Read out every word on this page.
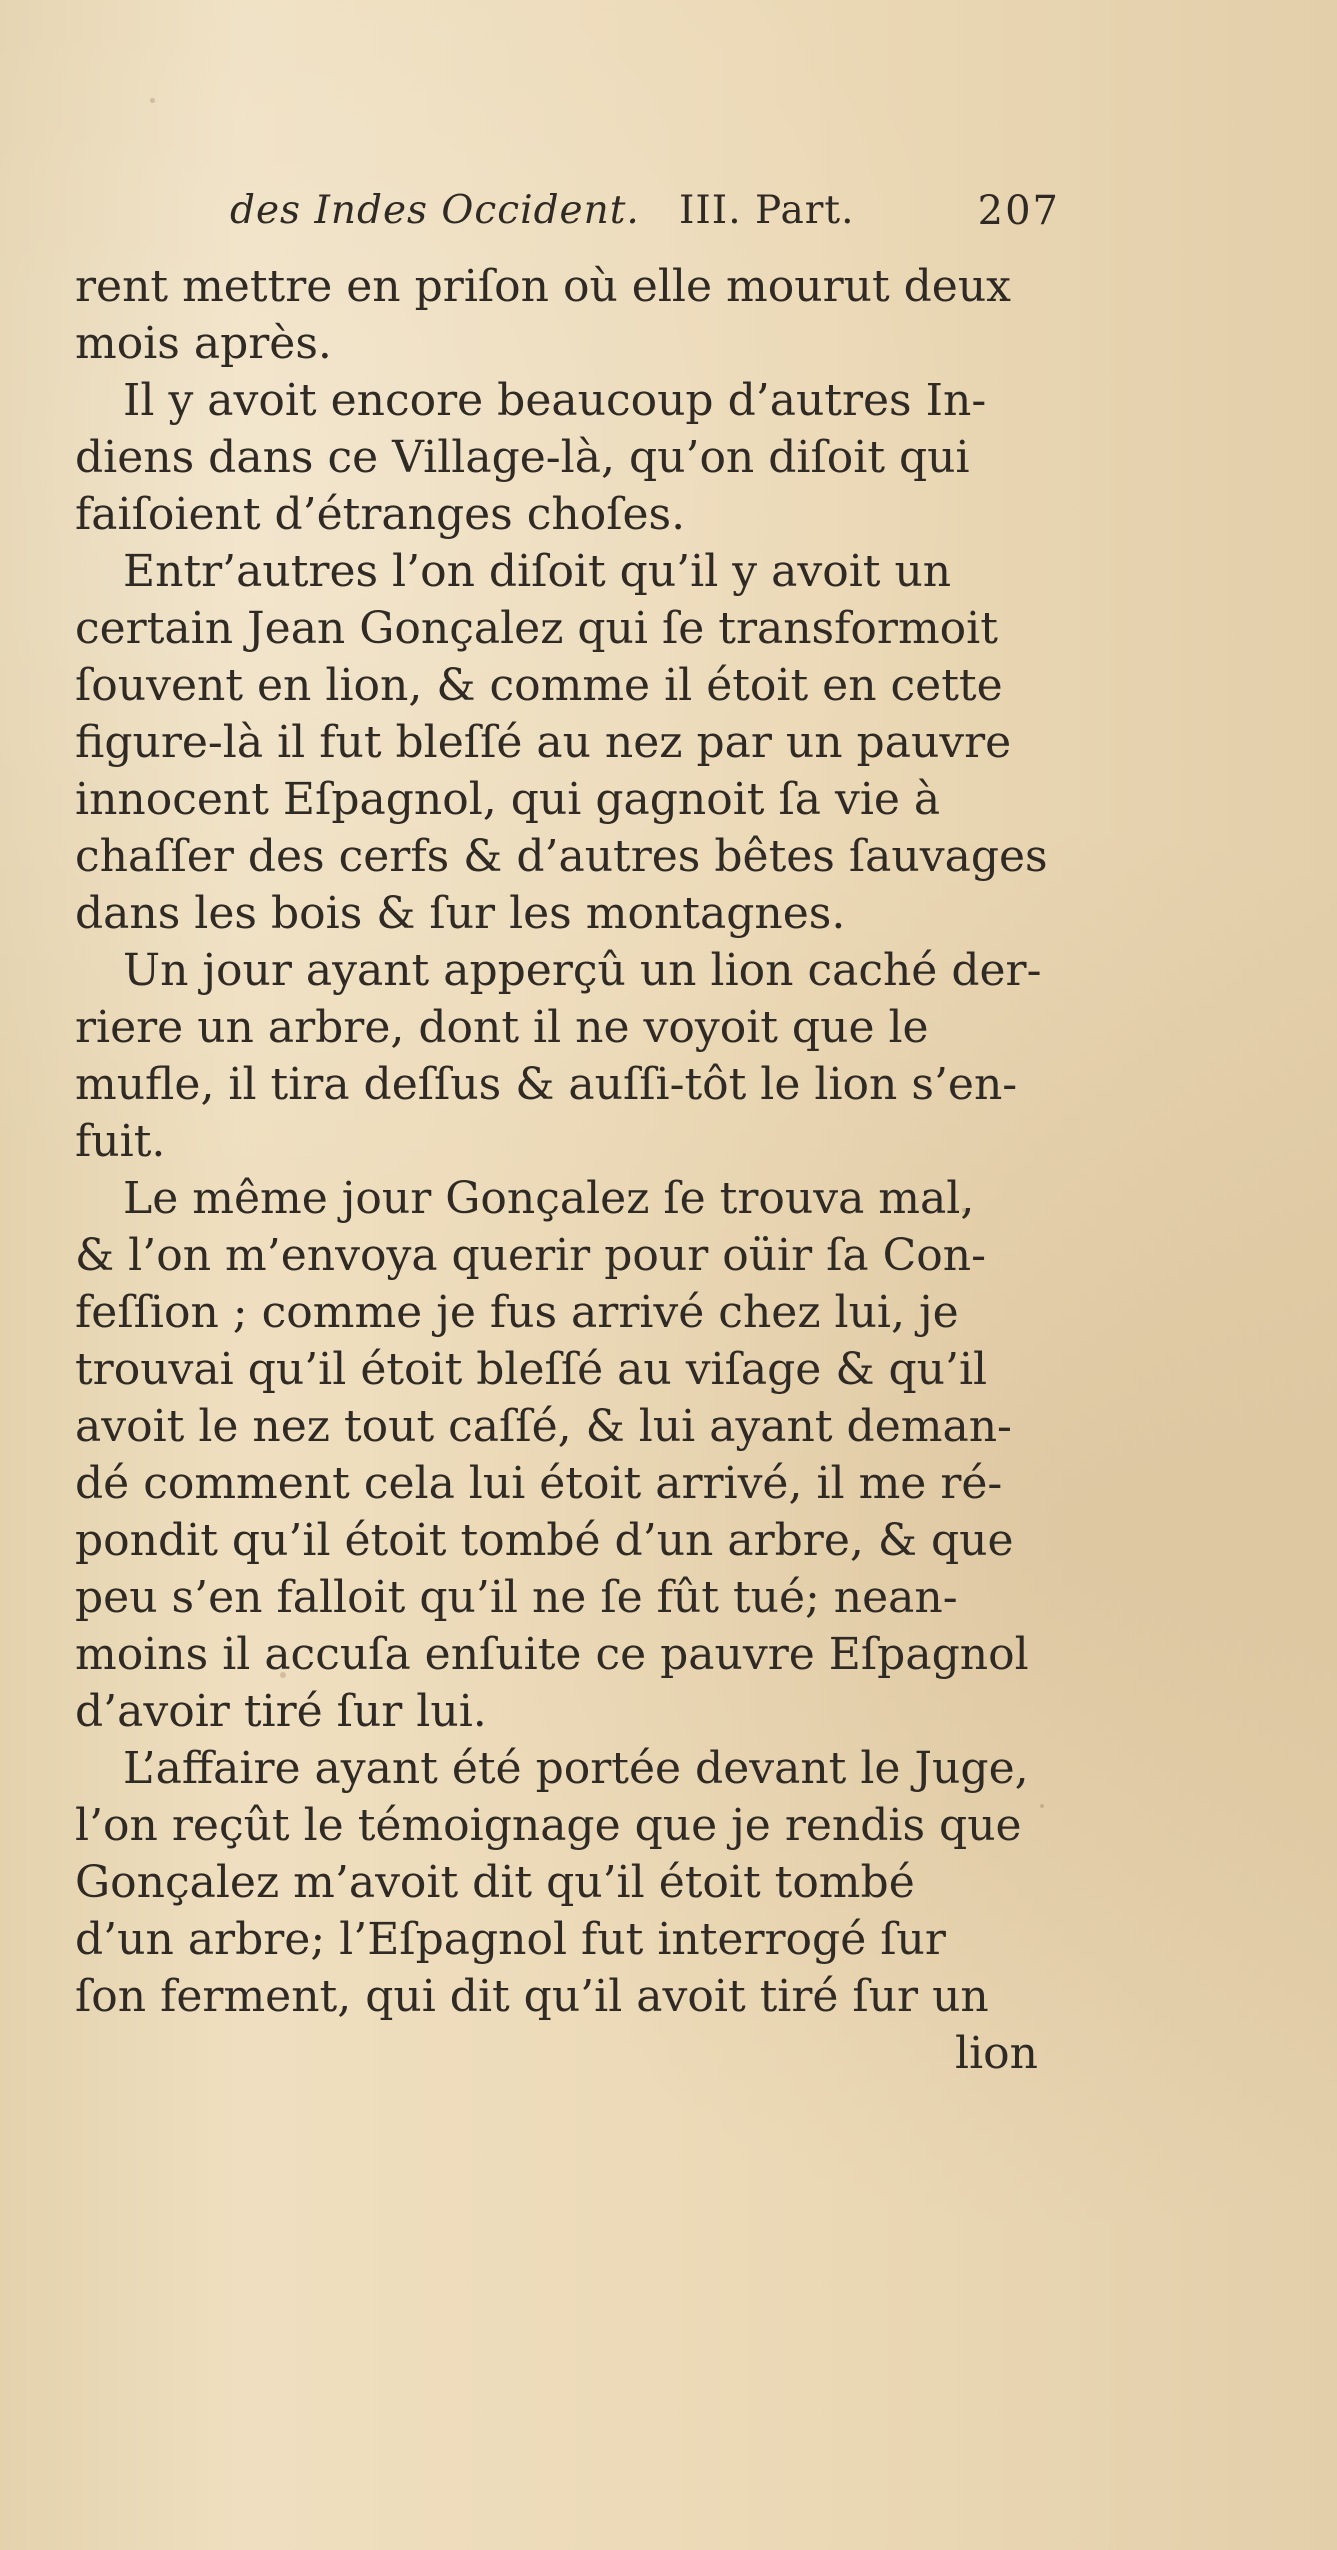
des Indes Occident. III. Part.	207
rent mettre en priſon où elle mourut deux
mois après.
Il y avoit encore beaucoup d’autres In-
diens dans ce Village-là, qu’on diſoit qui
faiſoient d’étranges choſes.
Entr’autres l’on diſoit qu’il y avoit un
certain Jean Gonçalez qui ſe transformoit
ſouvent en lion, & comme il étoit en cette
figure-là il fut bleſſé au nez par un pauvre
innocent Eſpagnol, qui gagnoit ſa vie à
chaſſer des cerfs & d’autres bêtes ſauvages
dans les bois & ſur les montagnes.
Un jour ayant apperçû un lion caché der-
riere un arbre, dont il ne voyoit que le
mufle, il tira deſſus & auſſi-tôt le lion s’en-
fuit.
Le même jour Gonçalez ſe trouva mal,
& l’on m’envoya querir pour oüir ſa Con-
feſſion ; comme je fus arrivé chez lui, je
trouvai qu’il étoit bleſſé au viſage & qu’il
avoit le nez tout caſſé, & lui ayant deman-
dé comment cela lui étoit arrivé, il me ré-
pondit qu’il étoit tombé d’un arbre, & que
peu s’en falloit qu’il ne ſe fût tué; nean-
moins il accuſa enſuite ce pauvre Eſpagnol
d’avoir tiré ſur lui.
L’affaire ayant été portée devant le Juge,
l’on reçût le témoignage que je rendis que
Gonçalez m’avoit dit qu’il étoit tombé
d’un arbre; l’Eſpagnol fut interrogé ſur
ſon ferment, qui dit qu’il avoit tiré ſur un
lion
